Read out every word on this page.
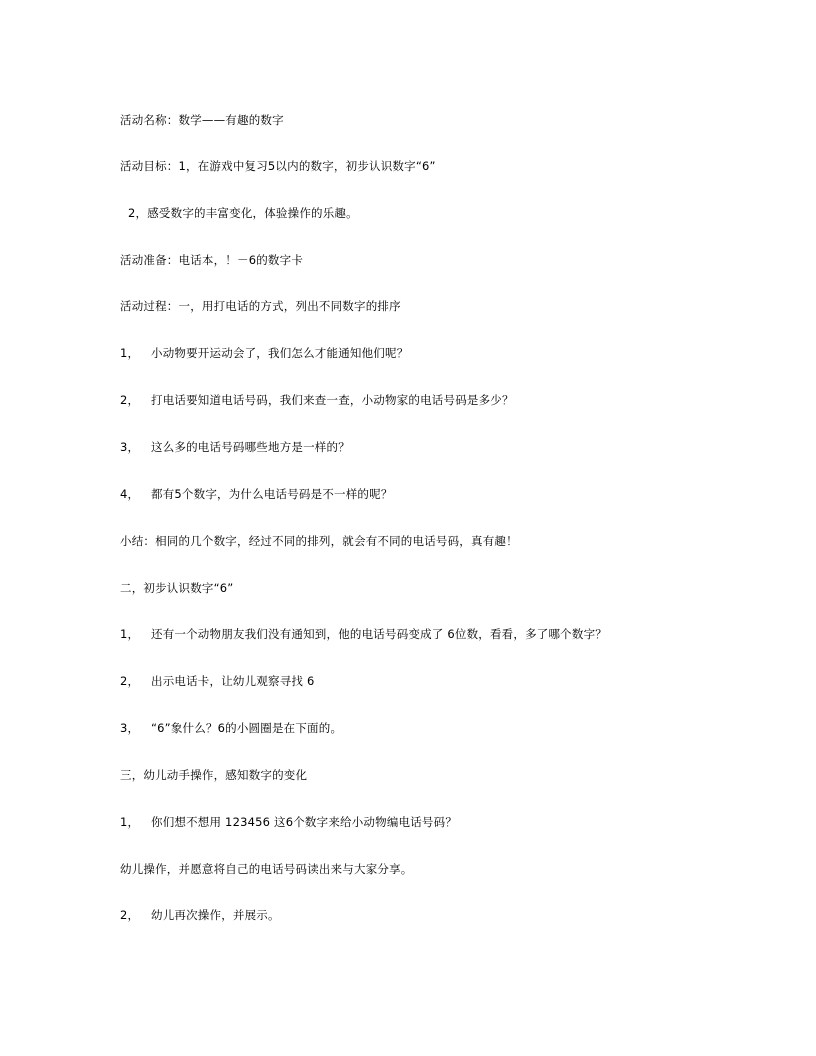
活动名称：数学——有趣的数字
活动目标：1，在游戏中复习5以内的数字，初步认识数字“6”
2，感受数字的丰富变化，体验操作的乐趣。
活动准备：电话本，！－6的数字卡
活动过程：一，用打电话的方式，列出不同数字的排序
1， 小动物要开运动会了，我们怎么才能通知他们呢？
2， 打电话要知道电话号码，我们来查一查，小动物家的电话号码是多少？
3， 这么多的电话号码哪些地方是一样的？
4， 都有5个数字，为什么电话号码是不一样的呢？
小结：相同的几个数字，经过不同的排列，就会有不同的电话号码，真有趣！
二，初步认识数字“6”
1， 还有一个动物朋友我们没有通知到，他的电话号码变成了 6位数，看看，多了哪个数字？
2， 出示电话卡，让幼儿观察寻找 6
3， “6”象什么？6的小圆圈是在下面的。
三，幼儿动手操作，感知数字的变化
1， 你们想不想用 123456 这6个数字来给小动物编电话号码？
幼儿操作，并愿意将自己的电话号码读出来与大家分享。
2， 幼儿再次操作，并展示。
